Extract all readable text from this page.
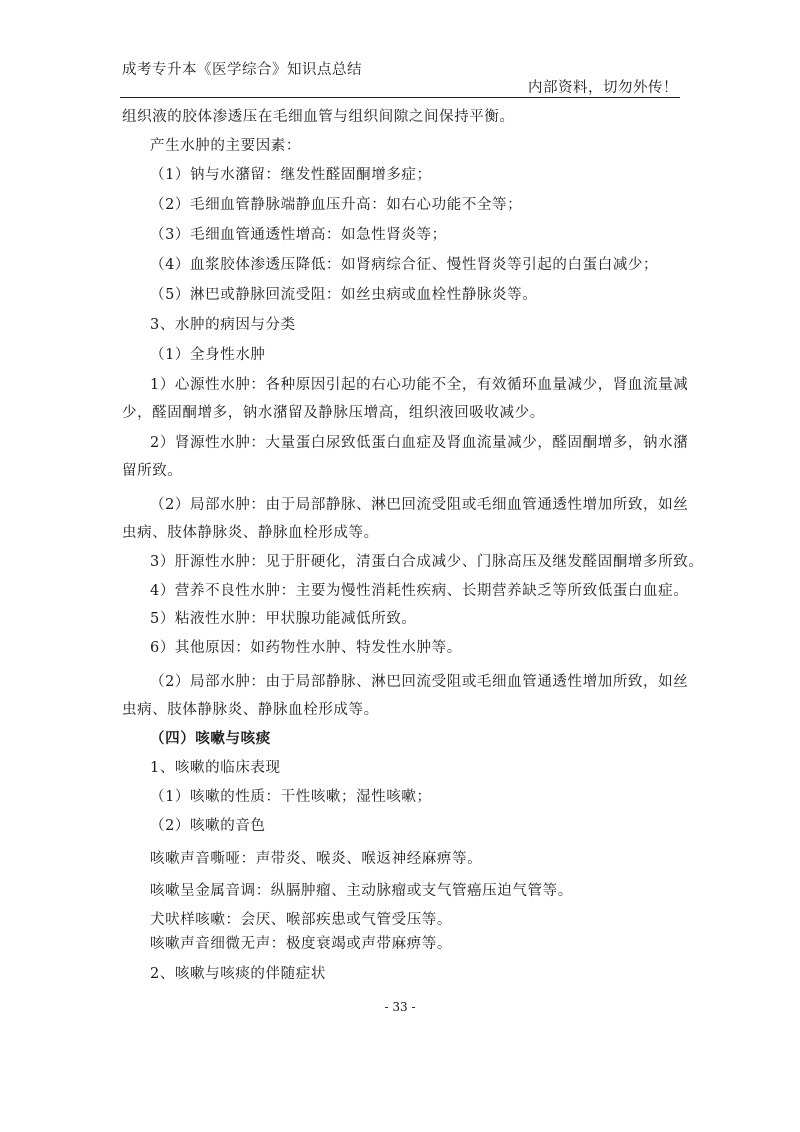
成考专升本《医学综合》知识点总结
内部资料，切勿外传！
组织液的胶体渗透压在毛细血管与组织间隙之间保持平衡。
产生水肿的主要因素：
（1）钠与水潴留：继发性醛固酮增多症；
（2）毛细血管静脉端静血压升高：如右心功能不全等；
（3）毛细血管通透性增高：如急性肾炎等；
（4）血浆胶体渗透压降低：如肾病综合征、慢性肾炎等引起的白蛋白减少；
（5）淋巴或静脉回流受阻：如丝虫病或血栓性静脉炎等。
3、水肿的病因与分类
（1）全身性水肿
1）心源性水肿：各种原因引起的右心功能不全，有效循环血量减少，肾血流量减
少，醛固酮增多，钠水潴留及静脉压增高，组织液回吸收减少。
2）肾源性水肿：大量蛋白尿致低蛋白血症及肾血流量减少，醛固酮增多，钠水潴
留所致。
（2）局部水肿：由于局部静脉、淋巴回流受阻或毛细血管通透性增加所致，如丝
虫病、肢体静脉炎、静脉血栓形成等。
3）肝源性水肿：见于肝硬化，清蛋白合成减少、门脉高压及继发醛固酮增多所致。
4）营养不良性水肿：主要为慢性消耗性疾病、长期营养缺乏等所致低蛋白血症。
5）粘液性水肿：甲状腺功能减低所致。
6）其他原因：如药物性水肿、特发性水肿等。
（2）局部水肿：由于局部静脉、淋巴回流受阻或毛细血管通透性增加所致，如丝
虫病、肢体静脉炎、静脉血栓形成等。
（四）咳嗽与咳痰
1、咳嗽的临床表现
（1）咳嗽的性质：干性咳嗽；湿性咳嗽；
（2）咳嗽的音色
咳嗽声音嘶哑：声带炎、喉炎、喉返神经麻痹等。
咳嗽呈金属音调：纵膈肿瘤、主动脉瘤或支气管癌压迫气管等。
犬吠样咳嗽：会厌、喉部疾患或气管受压等。
咳嗽声音细微无声：极度衰竭或声带麻痹等。
2、咳嗽与咳痰的伴随症状
- 33 -
